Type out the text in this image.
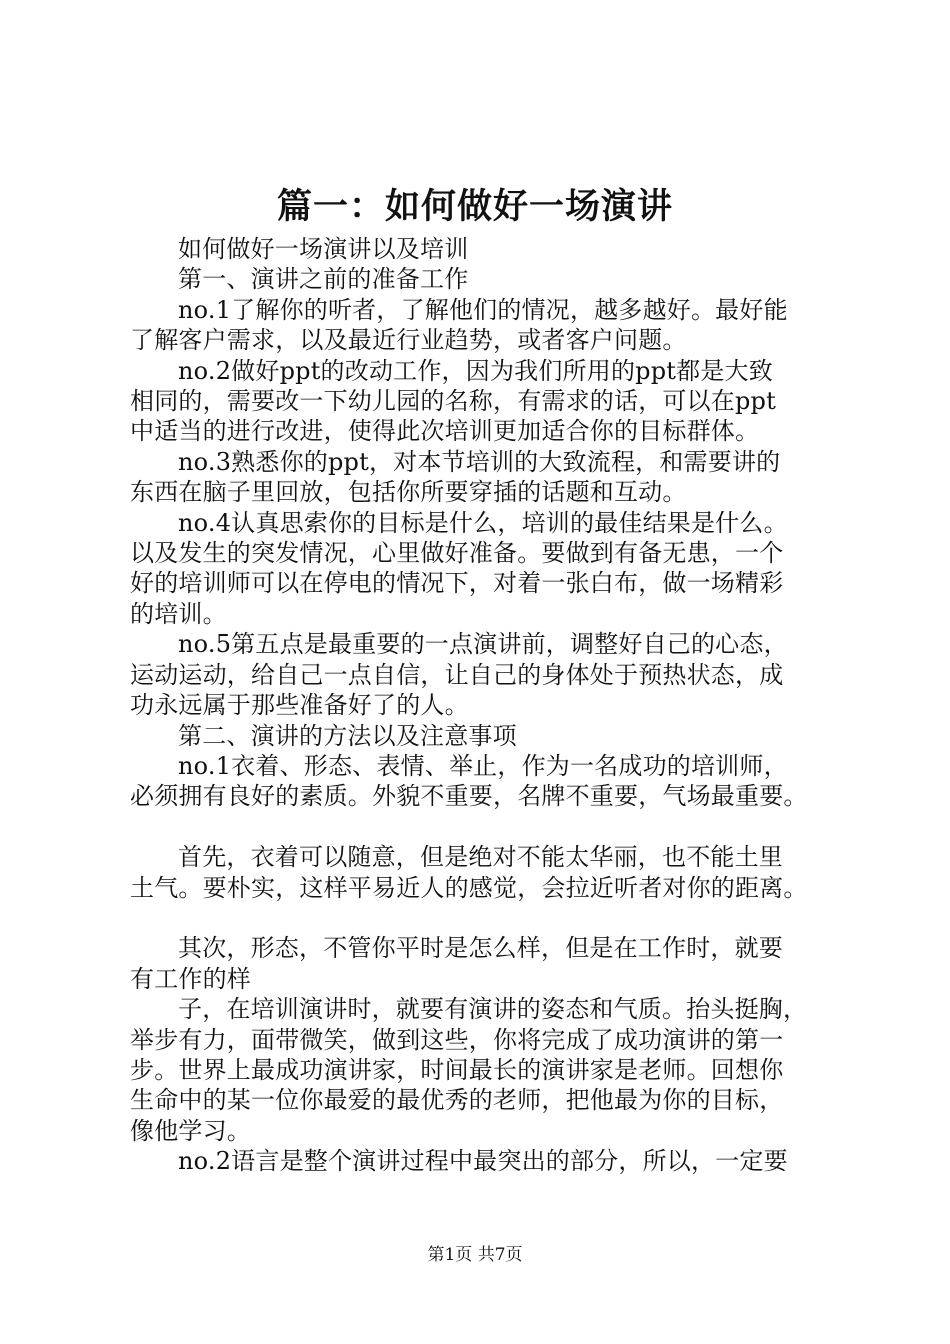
篇一：如何做好一场演讲

如何做好一场演讲以及培训

第一、演讲之前的准备工作

no.1了解你的听者，了解他们的情况，越多越好。最好能

了解客户需求，以及最近行业趋势，或者客户问题。

no.2做好ppt的改动工作，因为我们所用的ppt都是大致

相同的，需要改一下幼儿园的名称，有需求的话，可以在ppt

中适当的进行改进，使得此次培训更加适合你的目标群体。

no.3熟悉你的ppt，对本节培训的大致流程，和需要讲的

东西在脑子里回放，包括你所要穿插的话题和互动。

no.4认真思索你的目标是什么，培训的最佳结果是什么。

以及发生的突发情况，心里做好准备。要做到有备无患，一个

好的培训师可以在停电的情况下，对着一张白布，做一场精彩

的培训。

no.5第五点是最重要的一点演讲前，调整好自己的心态，

运动运动，给自己一点自信，让自己的身体处于预热状态，成

功永远属于那些准备好了的人。

第二、演讲的方法以及注意事项

no.1衣着、形态、表情、举止，作为一名成功的培训师，

必须拥有良好的素质。外貌不重要，名牌不重要，气场最重要。

首先，衣着可以随意，但是绝对不能太华丽，也不能土里

土气。要朴实，这样平易近人的感觉，会拉近听者对你的距离。

其次，形态，不管你平时是怎么样，但是在工作时，就要

有工作的样

子，在培训演讲时，就要有演讲的姿态和气质。抬头挺胸，

举步有力，面带微笑，做到这些，你将完成了成功演讲的第一

步。世界上最成功演讲家，时间最长的演讲家是老师。回想你

生命中的某一位你最爱的最优秀的老师，把他最为你的目标，

像他学习。

no.2语言是整个演讲过程中最突出的部分，所以，一定要

第1页 共7页
